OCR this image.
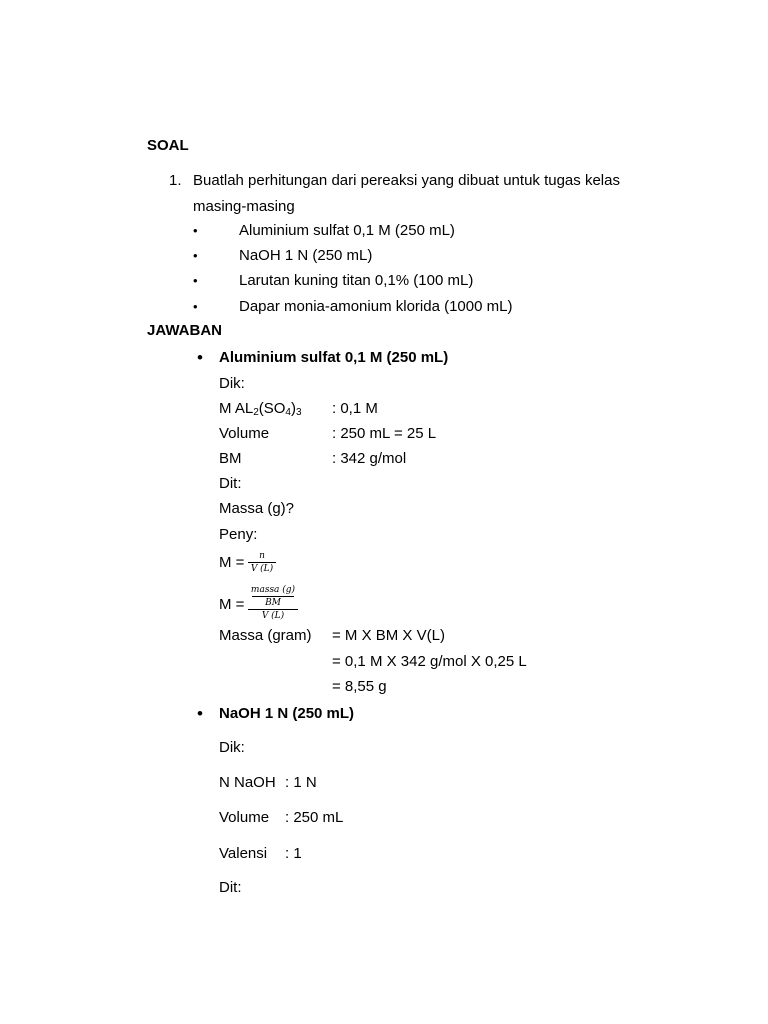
SOAL
1. Buatlah perhitungan dari pereaksi yang dibuat untuk tugas kelas
masing-masing
•	Aluminium sulfat 0,1 M (250 mL)
•	NaOH 1 N (250 mL)
•	Larutan kuning titan 0,1% (100 mL)
•	Dapar monia-amonium klorida (1000 mL)
JAWABAN
• Aluminium sulfat 0,1 M (250 mL)
Dik:
M $AL_2(SO_4)_3$ : 0,1 M
Volume	: 250 mL = 25 L
BM	: 342 g/mol
Dit:
Massa (g)?
Peny:
M =	n
V (L)
M =
massa (g)
BM
V (L)
Massa (gram) = M X BM X V(L)
= 0,1 M X 342 g/mol X 0,25 L
= 8,55 g
• NaOH 1 N (250 mL)
Dik:
N NaOH : 1 N
Volume : 250 mL
Valensi : 1
Dit:
